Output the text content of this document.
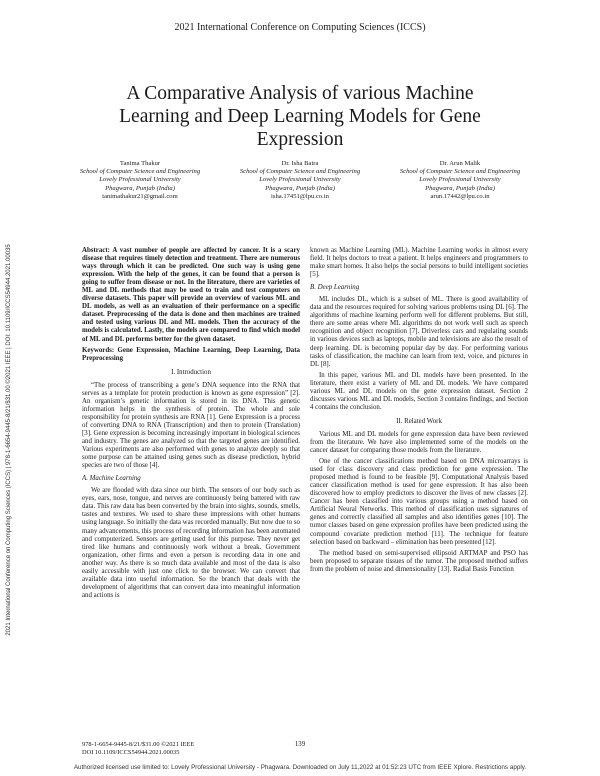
2021 International Conference on Computing Sciences (ICCS)
A Comparative Analysis of various Machine Learning and Deep Learning Models for Gene Expression
Tanima Thakur
School of Computer Science and Engineering
Lovely Professional University
Phagwara, Punjab (India)
tanimathakur21@gmail.com
Dr. Isha Batra
School of Computer Science and Engineering
Lovely Professional University
Phagwara, Punjab (India)
isha.17451@lpu.co.in
Dr. Arun Malik
School of Computer Science and Engineering
Lovely Professional University
Phagwara, Punjab (India)
arun.17442@lpu.co.in

Abstract: A vast number of people are affected by cancer. It is a scary disease that requires timely detection and treatment. There are numerous ways through which it can be predicted. One such way is using gene expression. With the help of the genes, it can be found that a person is going to suffer from disease or not. In the literature, there are varieties of ML and DL methods that may be used to train and test computers on diverse datasets. This paper will provide an overview of various ML and DL models, as well as an evaluation of their performance on a specific dataset. Preprocessing of the data is done and then machines are trained and tested using various DL and ML models. Then the accuracy of the models is calculated. Lastly, the models are compared to find which model of ML and DL performs better for the given dataset.

Keywords: Gene Expression, Machine Learning, Deep Learning, Data Preprocessing

I. Introduction

“The process of transcribing a gene’s DNA sequence into the RNA that serves as a template for protein production is known as gene expression” [2]. An organism’s genetic information is stored in its DNA. This genetic information helps in the synthesis of protein. The whole and sole responsibility for protein synthesis are RNA [1]. Gene Expression is a process of converting DNA to RNA (Transcription) and then to protein (Translation) [3]. Gene expression is becoming increasingly important in biological sciences and industry. The genes are analyzed so that the targeted genes are identified. Various experiments are also performed with genes to analyze deeply so that some purpose can be attained using genes such as disease prediction, hybrid species are two of those [4].

A. Machine Learning

We are flooded with data since our birth. The sensors of our body such as eyes, ears, nose, tongue, and nerves are continuously being battered with raw data. This raw data has been converted by the brain into sights, sounds, smells, tastes and textures. We used to share these impressions with other humans using language. So initially the data was recorded manually. But now due to so many advancements, this process of recording information has been automated and computerized. Sensors are getting used for this purpose. They never get tired like humans and continuously work without a break. Government organization, other firms and even a person is recording data in one and another way. As there is so much data available and most of the data is also easily accessible with just one click to the browser. We can convert that available data into useful information. So the branch that deals with the development of algorithms that can convert data into meaningful information and actions is

known as Machine Learning (ML). Machine Learning works in almost every field. It helps doctors to treat a patient. It helps engineers and programmers to make smart homes. It also helps the social persons to build intelligent societies [5].

B. Deep Learning

ML includes DL, which is a subset of ML. There is good availability of data and the resources required for solving various problems using DL [6]. The algorithms of machine learning perform well for different problems. But still, there are some areas where ML algorithms do not work well such as speech recognition and object recognition [7]. Driverless cars and regulating sounds in various devices such as laptops, mobile and televisions are also the result of deep learning. DL is becoming popular day by day. For performing various tasks of classification, the machine can learn from text, voice, and pictures in DL [8].

In this paper, various ML and DL models have been presented. In the literature, there exist a variety of ML and DL models. We have compared various ML and DL models on the gene expression dataset. Section 2 discusses various ML and DL models, Section 3 contains findings, and Section 4 contains the conclusion.

II. Related Work

Various ML and DL models for gene expression data have been reviewed from the literature. We have also implemented some of the models on the cancer dataset for comparing those models from the literature.

One of the cancer classifications method based on DNA microarrays is used for class discovery and class prediction for gene expression. The proposed method is found to be feasible [9]. Computational Analysis based cancer classification method is used for gene expression. It has also been discovered how to employ predictors to discover the lives of new classes [2]. Cancer has been classified into various groups using a method based on Artificial Neural Networks. This method of classification uses signatures of genes and correctly classified all samples and also identifies genes [10]. The tumor classes based on gene expression profiles have been predicted using the compound covariate prediction method [11]. The technique for feature selection based on backward – elimination has been presented [12].

The method based on semi-supervised ellipsoid ARTMAP and PSO has been proposed to separate tissues of the tumor. The proposed method suffers from the problem of noise and dimensionality [13]. Radial Basis Function

2021 International Conference on Computing Sciences (ICCS) | 978-1-6654-9445-8/21/$31.00 ©2021 IEEE | DOI: 10.1109/ICCS54944.2021.00035
978-1-6654-9445-8/21/$31.00 ©2021 IEEE
DOI 10.1109/ICCS54944.2021.00035
139
Authorized licensed use limited to: Lovely Professional University - Phagwara. Downloaded on July 11,2022 at 01:52:23 UTC from IEEE Xplore. Restrictions apply.
